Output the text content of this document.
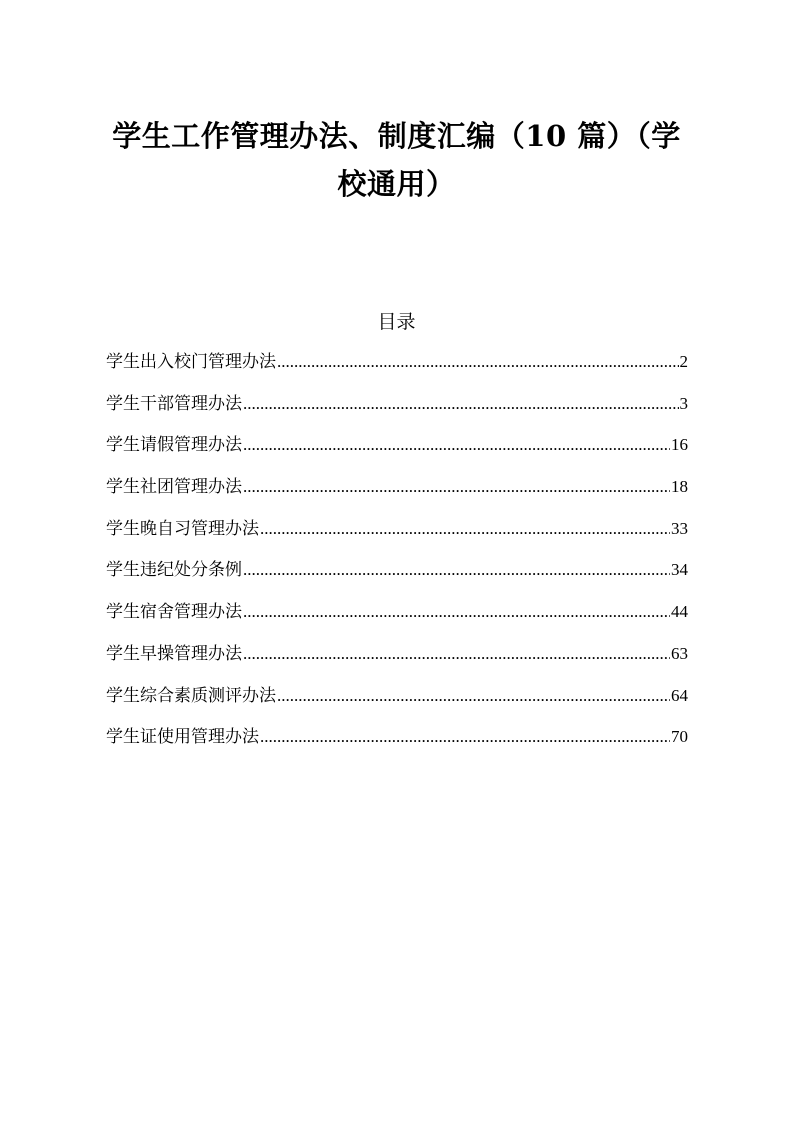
学生工作管理办法、制度汇编（10 篇）（学校通用）
目录
学生出入校门管理办法 .....	2
学生干部管理办法 .....	3
学生请假管理办法 .....	16
学生社团管理办法 .....	18
学生晚自习管理办法 .....	33
学生违纪处分条例 .....	34
学生宿舍管理办法 .....	44
学生早操管理办法 .....	63
学生综合素质测评办法 .....	64
学生证使用管理办法 .....	70
